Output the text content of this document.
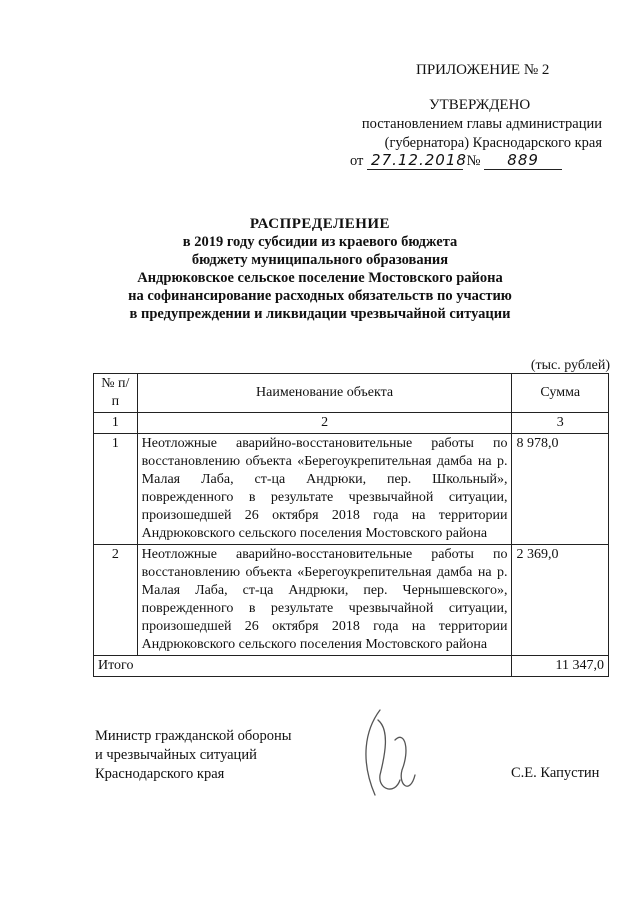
ПРИЛОЖЕНИЕ № 2
УТВЕРЖДЕНО
постановлением главы администрации
(губернатора) Краснодарского края
от 27.12.2018 № 889
РАСПРЕДЕЛЕНИЕ
в 2019 году субсидии из краевого бюджета
бюджету муниципального образования
Андрюковское сельское поселение Мостовского района
на софинансирование расходных обязательств по участию
в предупреждении и ликвидации чрезвычайной ситуации
(тыс. рублей)
№ п/п	Наименование объекта	Сумма
1	2	3
1	Неотложные аварийно-восстановительные работы по восстановлению объекта «Берегоукрепительная дамба на р. Малая Лаба, ст-ца Андрюки, пер. Школьный», поврежденного в результате чрезвычайной ситуации, произошедшей 26 октября 2018 года на территории Андрюковского сельского поселения Мостовского района	8 978,0
2	Неотложные аварийно-восстановительные работы по восстановлению объекта «Берегоукрепительная дамба на р. Малая Лаба, ст-ца Андрюки, пер. Чернышевского», поврежденного в результате чрезвычайной ситуации, произошедшей 26 октября 2018 года на территории Андрюковского сельского поселения Мостовского района	2 369,0
Итого		11 347,0
Министр гражданской обороны
и чрезвычайных ситуаций
Краснодарского края	С.Е. Капустин
